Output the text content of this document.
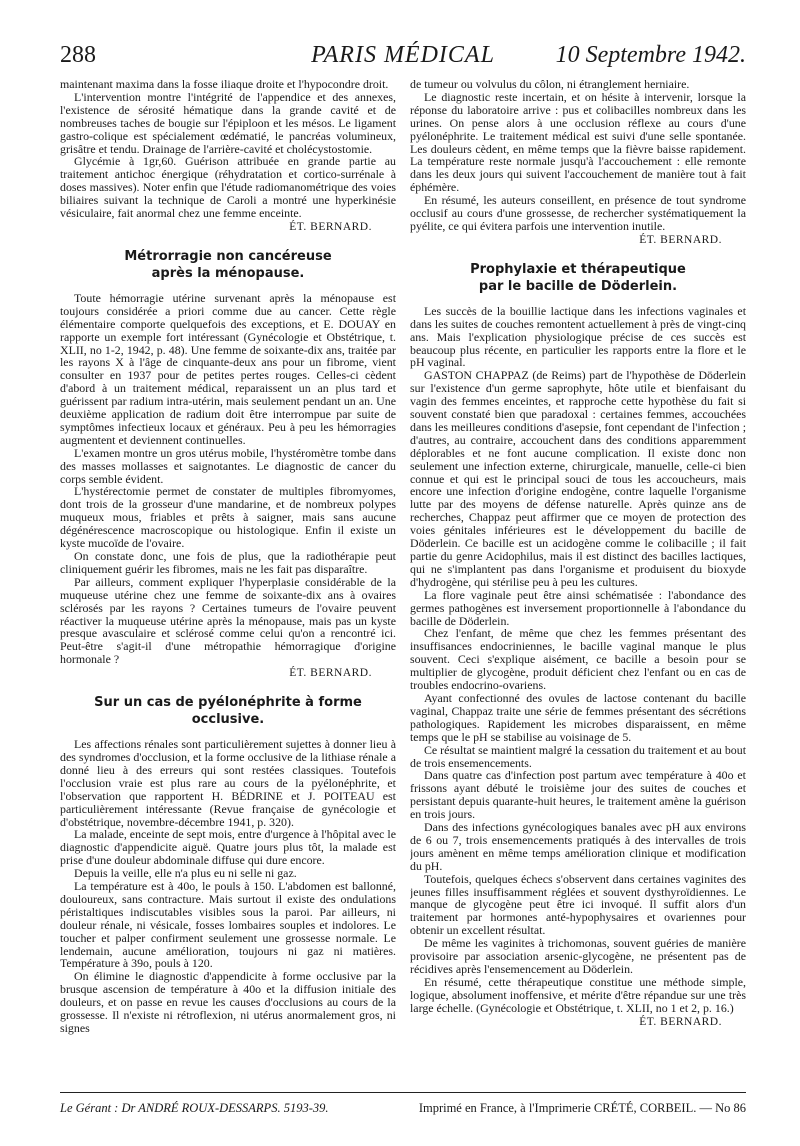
288	PARIS MÉDICAL	10 Septembre 1942.

maintenant maxima dans la fosse iliaque droite et l'hypocondre droit.

L'intervention montre l'intégrité de l'appendice et des annexes, l'existence de sérosité hématique dans la grande cavité et de nombreuses taches de bougie sur l'épiploon et les mésos. Le ligament gastro-colique est spécialement œdématié, le pancréas volumineux, grisâtre et tendu. Drainage de l'arrière-cavité et cholécystostomie.

Glycémie à 1gr,60. Guérison attribuée en grande partie au traitement antichoc énergique (réhydratation et cortico-surrénale à doses massives). Noter enfin que l'étude radiomanométrique des voies biliaires suivant la technique de Caroli a montré une hyperkinésie vésiculaire, fait anormal chez une femme enceinte.

ÉT. BERNARD.
Métrorragie non cancéreuse
après la ménopause.

Toute hémorragie utérine survenant après la ménopause est toujours considérée a priori comme due au cancer. Cette règle élémentaire comporte quelquefois des exceptions, et E. DOUAY en rapporte un exemple fort intéressant (Gynécologie et Obstétrique, t. XLII, no 1-2, 1942, p. 48). Une femme de soixante-dix ans, traitée par les rayons X à l'âge de cinquante-deux ans pour un fibrome, vient consulter en 1937 pour de petites pertes rouges. Celles-ci cèdent d'abord à un traitement médical, reparaissent un an plus tard et guérissent par radium intra-utérin, mais seulement pendant un an. Une deuxième application de radium doit être interrompue par suite de symptômes infectieux locaux et généraux. Peu à peu les hémorragies augmentent et deviennent continuelles.

L'examen montre un gros utérus mobile, l'hystéromètre tombe dans des masses mollasses et saignotantes. Le diagnostic de cancer du corps semble évident.

L'hystérectomie permet de constater de multiples fibromyomes, dont trois de la grosseur d'une mandarine, et de nombreux polypes muqueux mous, friables et prêts à saigner, mais sans aucune dégénérescence macroscopique ou histologique. Enfin il existe un kyste mucoïde de l'ovaire.

On constate donc, une fois de plus, que la radiothérapie peut cliniquement guérir les fibromes, mais ne les fait pas disparaître.

Par ailleurs, comment expliquer l'hyperplasie considérable de la muqueuse utérine chez une femme de soixante-dix ans à ovaires sclérosés par les rayons ? Certaines tumeurs de l'ovaire peuvent réactiver la muqueuse utérine après la ménopause, mais pas un kyste presque avasculaire et sclérosé comme celui qu'on a rencontré ici. Peut-être s'agit-il d'une métropathie hémorragique d'origine hormonale ?

ÉT. BERNARD.
Sur un cas de pyélonéphrite à forme occlusive.

Les affections rénales sont particulièrement sujettes à donner lieu à des syndromes d'occlusion, et la forme occlusive de la lithiase rénale a donné lieu à des erreurs qui sont restées classiques. Toutefois l'occlusion vraie est plus rare au cours de la pyélonéphrite, et l'observation que rapportent H. BÉDRINE et J. POITEAU est particulièrement intéressante (Revue française de gynécologie et d'obstétrique, novembre-décembre 1941, p. 320).

La malade, enceinte de sept mois, entre d'urgence à l'hôpital avec le diagnostic d'appendicite aiguë. Quatre jours plus tôt, la malade est prise d'une douleur abdominale diffuse qui dure encore.

Depuis la veille, elle n'a plus eu ni selle ni gaz.

La température est à 40o, le pouls à 150. L'abdomen est ballonné, douloureux, sans contracture. Mais surtout il existe des ondulations péristaltiques indiscutables visibles sous la paroi. Par ailleurs, ni douleur rénale, ni vésicale, fosses lombaires souples et indolores. Le toucher et palper confirment seulement une grossesse normale. Le lendemain, aucune amélioration, toujours ni gaz ni matières. Température à 39o, pouls à 120.

On élimine le diagnostic d'appendicite à forme occlusive par la brusque ascension de température à 40o et la diffusion initiale des douleurs, et on passe en revue les causes d'occlusions au cours de la grossesse. Il n'existe ni rétroflexion, ni utérus anormalement gros, ni signes

de tumeur ou volvulus du côlon, ni étranglement herniaire.

Le diagnostic reste incertain, et on hésite à intervenir, lorsque la réponse du laboratoire arrive : pus et colibacilles nombreux dans les urines. On pense alors à une occlusion réflexe au cours d'une pyélonéphrite. Le traitement médical est suivi d'une selle spontanée. Les douleurs cèdent, en même temps que la fièvre baisse rapidement. La température reste normale jusqu'à l'accouchement : elle remonte dans les deux jours qui suivent l'accouchement de manière tout à fait éphémère.

En résumé, les auteurs conseillent, en présence de tout syndrome occlusif au cours d'une grossesse, de rechercher systématiquement la pyélite, ce qui évitera parfois une intervention inutile.

ÉT. BERNARD.
Prophylaxie et thérapeutique
par le bacille de Döderlein.

Les succès de la bouillie lactique dans les infections vaginales et dans les suites de couches remontent actuellement à près de vingt-cinq ans. Mais l'explication physiologique précise de ces succès est beaucoup plus récente, en particulier les rapports entre la flore et le pH vaginal.

GASTON CHAPPAZ (de Reims) part de l'hypothèse de Döderlein sur l'existence d'un germe saprophyte, hôte utile et bienfaisant du vagin des femmes enceintes, et rapproche cette hypothèse du fait si souvent constaté bien que paradoxal : certaines femmes, accouchées dans les meilleures conditions d'asepsie, font cependant de l'infection ; d'autres, au contraire, accouchent dans des conditions apparemment déplorables et ne font aucune complication. Il existe donc non seulement une infection externe, chirurgicale, manuelle, celle-ci bien connue et qui est le principal souci de tous les accoucheurs, mais encore une infection d'origine endogène, contre laquelle l'organisme lutte par des moyens de défense naturelle. Après quinze ans de recherches, Chappaz peut affirmer que ce moyen de protection des voies génitales inférieures est le développement du bacille de Döderlein. Ce bacille est un acidogène comme le colibacille ; il fait partie du genre Acidophilus, mais il est distinct des bacilles lactiques, qui ne s'implantent pas dans l'organisme et produisent du bioxyde d'hydrogène, qui stérilise peu à peu les cultures.

La flore vaginale peut être ainsi schématisée : l'abondance des germes pathogènes est inversement proportionnelle à l'abondance du bacille de Döderlein.

Chez l'enfant, de même que chez les femmes présentant des insuffisances endocriniennes, le bacille vaginal manque le plus souvent. Ceci s'explique aisément, ce bacille a besoin pour se multiplier de glycogène, produit déficient chez l'enfant ou en cas de troubles endocrino-ovariens.

Ayant confectionné des ovules de lactose contenant du bacille vaginal, Chappaz traite une série de femmes présentant des sécrétions pathologiques. Rapidement les microbes disparaissent, en même temps que le pH se stabilise au voisinage de 5.

Ce résultat se maintient malgré la cessation du traitement et au bout de trois ensemencements.

Dans quatre cas d'infection post partum avec température à 40o et frissons ayant débuté le troisième jour des suites de couches et persistant depuis quarante-huit heures, le traitement amène la guérison en trois jours.

Dans des infections gynécologiques banales avec pH aux environs de 6 ou 7, trois ensemencements pratiqués à des intervalles de trois jours amènent en même temps amélioration clinique et modification du pH.

Toutefois, quelques échecs s'observent dans certaines vaginites des jeunes filles insuffisamment réglées et souvent dysthyroïdiennes. Le manque de glycogène peut être ici invoqué. Il suffit alors d'un traitement par hormones anté-hypophysaires et ovariennes pour obtenir un excellent résultat.

De même les vaginites à trichomonas, souvent guéries de manière provisoire par association arsenic-glycogène, ne présentent pas de récidives après l'ensemencement au Döderlein.

En résumé, cette thérapeutique constitue une méthode simple, logique, absolument inoffensive, et mérite d'être répandue sur une très large échelle. (Gynécologie et Obstétrique, t. XLII, no 1 et 2, p. 16.)

ÉT. BERNARD.
Le Gérant : Dr ANDRÉ ROUX-DESSARPS. 5193-39.	Imprimé en France, à l'Imprimerie CRÉTÉ, CORBEIL. — No 86
